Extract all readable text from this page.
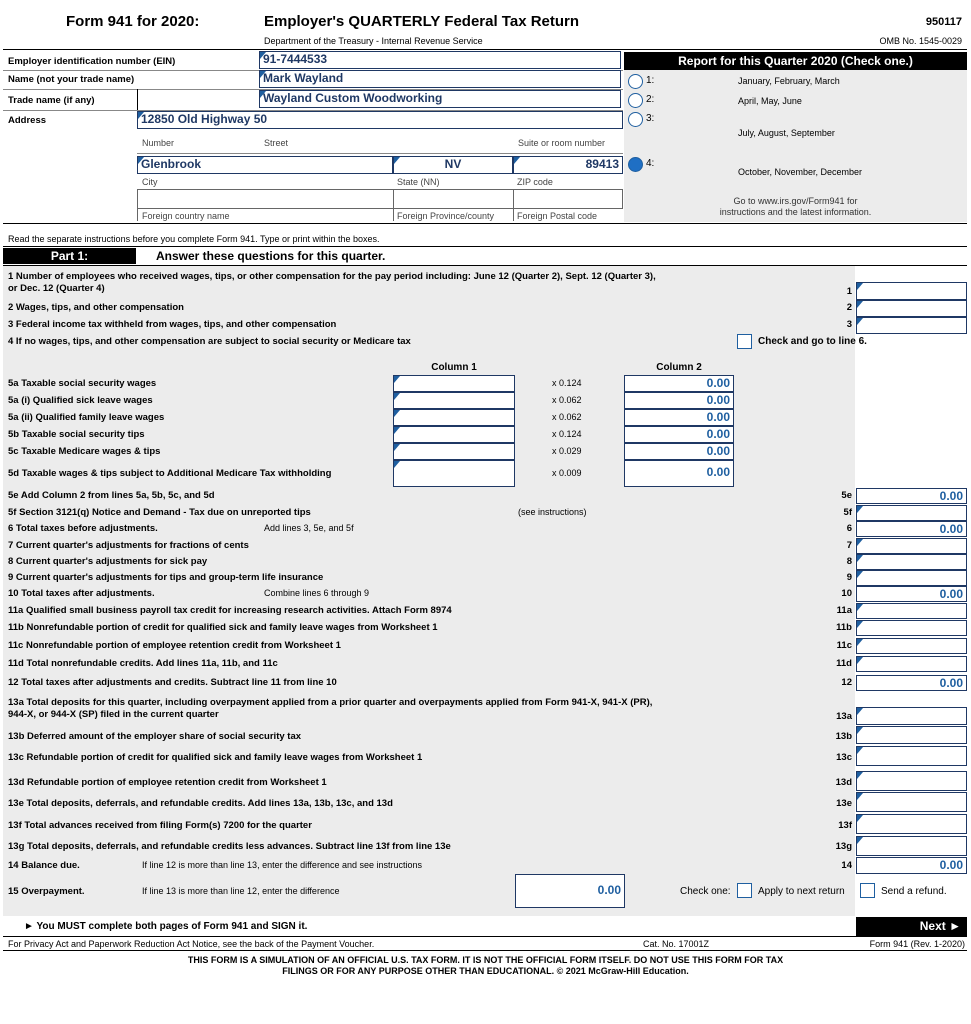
Form 941 for 2020:	Employer's QUARTERLY Federal Tax Return
Department of the Treasury - Internal Revenue Service
950117
OMB No. 1545-0029
Employer identification number (EIN)	91-7444533
Name (not your trade name)	Mark Wayland
Trade name (if any)	Wayland Custom Woodworking
Address	12850 Old Highway 50
Number	Street	Suite or room number
Glenbrook	NV	89413
City	State (NN)	ZIP code
Foreign country name	Foreign Province/county	Foreign Postal code
Report for this Quarter 2020 (Check one.)
1:	January, February, March
2:	April, May, June
3:
July, August, September
4:
October, November, December
Go to www.irs.gov/Form941 for
instructions and the latest information.
Read the separate instructions before you complete Form 941. Type or print within the boxes.
Part 1:	Answer these questions for this quarter.
1 Number of employees who received wages, tips, or other compensation for the pay period including: June 12 (Quarter 2), Sept. 12 (Quarter 3),
or Dec. 12 (Quarter 4)	1
2 Wages, tips, and other compensation	2
3 Federal income tax withheld from wages, tips, and other compensation	3
4 If no wages, tips, and other compensation are subject to social security or Medicare tax	Check and go to line 6.
Column 1	Column 2
5a Taxable social security wages	x 0.124	0.00
5a (i) Qualified sick leave wages	x 0.062	0.00
5a (ii) Qualified family leave wages	x 0.062	0.00
5b Taxable social security tips	x 0.124	0.00
5c Taxable Medicare wages & tips	x 0.029	0.00
5d Taxable wages & tips subject to Additional Medicare Tax withholding	x 0.009	0.00
5e Add Column 2 from lines 5a, 5b, 5c, and 5d	5e	0.00
5f Section 3121(q) Notice and Demand - Tax due on unreported tips	(see instructions)	5f
6 Total taxes before adjustments.	Add lines 3, 5e, and 5f	6	0.00
7 Current quarter's adjustments for fractions of cents	7
8 Current quarter's adjustments for sick pay	8
9 Current quarter's adjustments for tips and group-term life insurance	9
10 Total taxes after adjustments.	Combine lines 6 through 9	10	0.00
11a Qualified small business payroll tax credit for increasing research activities. Attach Form 8974	11a
11b Nonrefundable portion of credit for qualified sick and family leave wages from Worksheet 1	11b
11c Nonrefundable portion of employee retention credit from Worksheet 1	11c
11d Total nonrefundable credits. Add lines 11a, 11b, and 11c	11d
12 Total taxes after adjustments and credits. Subtract line 11 from line 10	12	0.00
13a Total deposits for this quarter, including overpayment applied from a prior quarter and overpayments applied from Form 941-X, 941-X (PR),
944-X, or 944-X (SP) filed in the current quarter	13a
13b Deferred amount of the employer share of social security tax	13b
13c Refundable portion of credit for qualified sick and family leave wages from Worksheet 1	13c
13d Refundable portion of employee retention credit from Worksheet 1	13d
13e Total deposits, deferrals, and refundable credits. Add lines 13a, 13b, 13c, and 13d	13e
13f Total advances received from filing Form(s) 7200 for the quarter	13f
13g Total deposits, deferrals, and refundable credits less advances. Subtract line 13f from line 13e	13g
14 Balance due.	If line 12 is more than line 13, enter the difference and see instructions	14	0.00
15 Overpayment.	If line 13 is more than line 12, enter the difference	0.00	Check one:	Apply to next return	Send a refund.
► You MUST complete both pages of Form 941 and SIGN it.	Next ►
For Privacy Act and Paperwork Reduction Act Notice, see the back of the Payment Voucher.	Cat. No. 17001Z	Form 941 (Rev. 1-2020)
THIS FORM IS A SIMULATION OF AN OFFICIAL U.S. TAX FORM. IT IS NOT THE OFFICIAL FORM ITSELF. DO NOT USE THIS FORM FOR TAX
FILINGS OR FOR ANY PURPOSE OTHER THAN EDUCATIONAL. © 2021 McGraw-Hill Education.
